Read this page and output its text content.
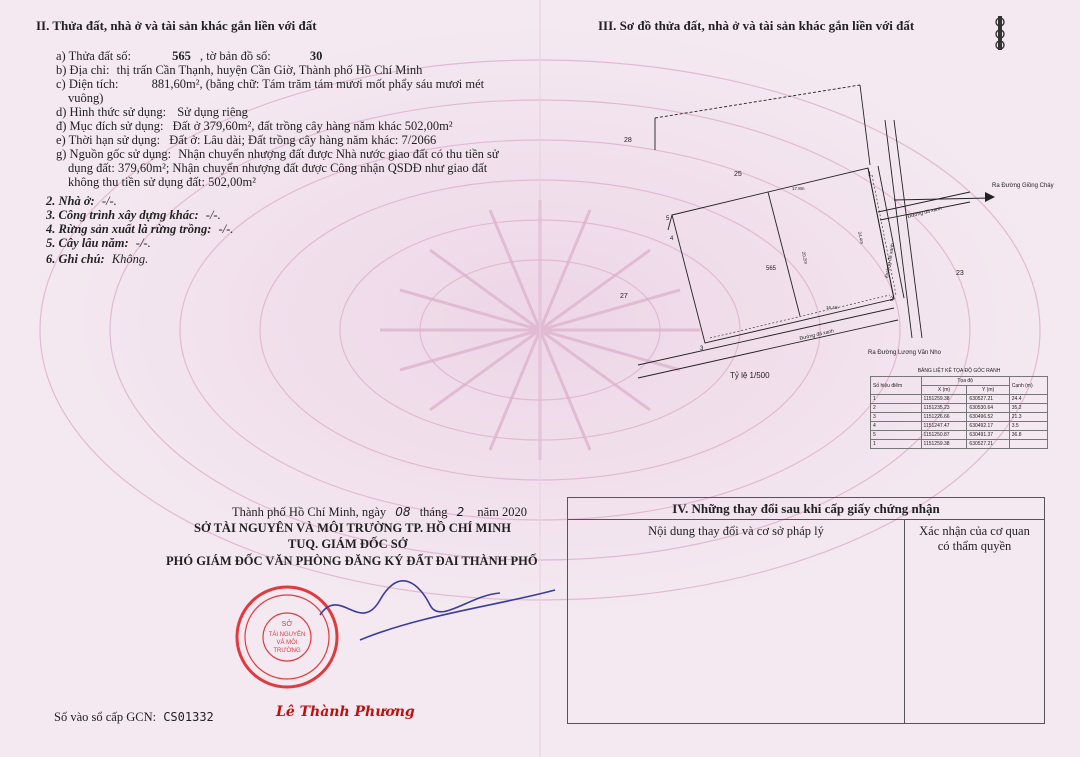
II. Thửa đất, nhà ở và tài sản khác gắn liền với đất
a) Thửa đất số:	565 , tờ bản đồ số:	30
b) Địa chỉ: thị trấn Cần Thạnh, huyện Cần Giờ, Thành phố Hồ Chí Minh
c) Diện tích:	881,60m², (bằng chữ: Tám trăm tám mươi mốt phẩy sáu mươi mét
vuông)
d) Hình thức sử dụng: Sử dụng riêng
đ) Mục đích sử dụng: Đất ở 379,60m², đất trồng cây hàng năm khác 502,00m²
e) Thời hạn sử dụng: Đất ở: Lâu dài; Đất trồng cây hàng năm khác: 7/2066
g) Nguồn gốc sử dụng: Nhận chuyển nhượng đất được Nhà nước giao đất có thu tiền sử
dụng đất: 379,60m²; Nhận chuyển nhượng đất được Công nhận QSDĐ như giao đất
không thu tiền sử dụng đất: 502,00m²
2. Nhà ở: -/-.
3. Công trình xây dựng khác: -/-.
4. Rừng sản xuất là rừng trồng: -/-.
5. Cây lâu năm: -/-.
6. Ghi chú: Không.
Thành phố Hồ Chí Minh, ngày 08 tháng 2 năm 2020
SỞ TÀI NGUYÊN VÀ MÔI TRƯỜNG TP. HỒ CHÍ MINH
TUQ. GIÁM ĐỐC SỞ
PHÓ GIÁM ĐỐC VĂN PHÒNG ĐĂNG KÝ ĐẤT ĐAI THÀNH PHỐ
SỞ
TÀI NGUYÊN
VÀ MÔI
TRƯỜNG
Lê Thành Phương
Số vào sổ cấp GCN: CS01332
III. Sơ đồ thửa đất, nhà ở và tài sản khác gắn liền với đất
28
25
27
23
565
1
2
3
4
5
17.8m
20.2m
16.4m
24.4m
Ra Đường Giồng Cháy
Đường đá xanh
Đường đá xanh
Đường đá xanh
Ra Đường Lương Văn Nho
Tỷ lệ 1/500	BẢNG LIỆT KÊ TỌA ĐỘ GÓC RANH
Số hiệu điểm	Tọa độ		Cạnh (m)
	X (m)	Y (m)	
1	1151259.38	630527.21	24.4
2	1151235.23	630530.64	35.2
3	1151226.66	630496.52	21.3
4	1151247.47	630492.17	3.5
5	1151250.87	630491.37	36.8
1	1151259.38	630527.21	
IV. Những thay đổi sau khi cấp giấy chứng nhận
Nội dung thay đổi và cơ sở pháp lý	Xác nhận của cơ quan
có thẩm quyền
